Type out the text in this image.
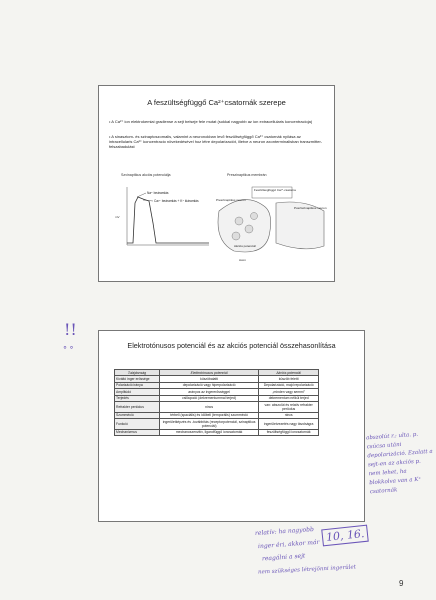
A feszültségfüggő Ca²⁺csatornák szerepe
• A Ca²⁺ ion elektrokemiai gradiense a sejt belseje fele mutat (sokkal nagyobb az ion extracellularis koncentracioja)
• A sinasztom- és szinaptoszomalis, valamint a neuronokban levő feszültségfüggő Ca²⁺ csatornák nyílása az intracellularis Ca²⁺ koncentracio növekedésével hoz létre depolarizaciót, illetve a neuron axonterminalisban transzmitter-felszabadulást
Szvinaptikus akciós potenciálja
mV
Na⁺ beáramlás
Ca²⁺ beáramlás + K⁺ kiáramlás
Preszinaptikus membrán
Feszültségfüggő Ca²⁺-csatorna
Preszinaptikus neuron
Posztszinaptikus neuron
Akciós potenciál
Axon
Elektrotónusos potenciál és az akciós potenciál összehasonlítása
Tulajdonság	Elektrotónusos potenciál	Akciós potenciál
Kiváltó inger erőssége	küszöbalatti	küszöb feletti
Polarizáció iránya	depolarizáció vagy hiperpolarizáció	Depolarizáció, majd repolarizáció
Amplitúdó	arányos az ingererősséggel	„minden vagy semmi"
Terjedés	csillapodó (dekrementummal terjed)	dekrementum nélkül terjed
Refrakter periódus	nincs	van: abszolút és relatív refrakter periódus
Szumméció	térbeli (spaciális) és időbeli (temporális) szumméció	nincs
Funkció	ingerületképzés és -továbbítás (receptorpotenciál, szinaptikus potenciál)	ingerületvezetés nagy távolságra
Mechanizmus	mechanoszenzitív, ligandfüggő ioncsatornák	feszültségfüggő ioncsatornák
!!
° °
abszolút r.: ulta. p. csúcsa utáni depolarizáció. Ezalatt a sejt-en az akciós p. nem lehet, ha blokkolva van a K⁺ csatornák
10, 16.
relatív: ha nagyobb
inger éri, akkor már
reagálni a sejt
nem szükséges létrejönni ingerület
9
